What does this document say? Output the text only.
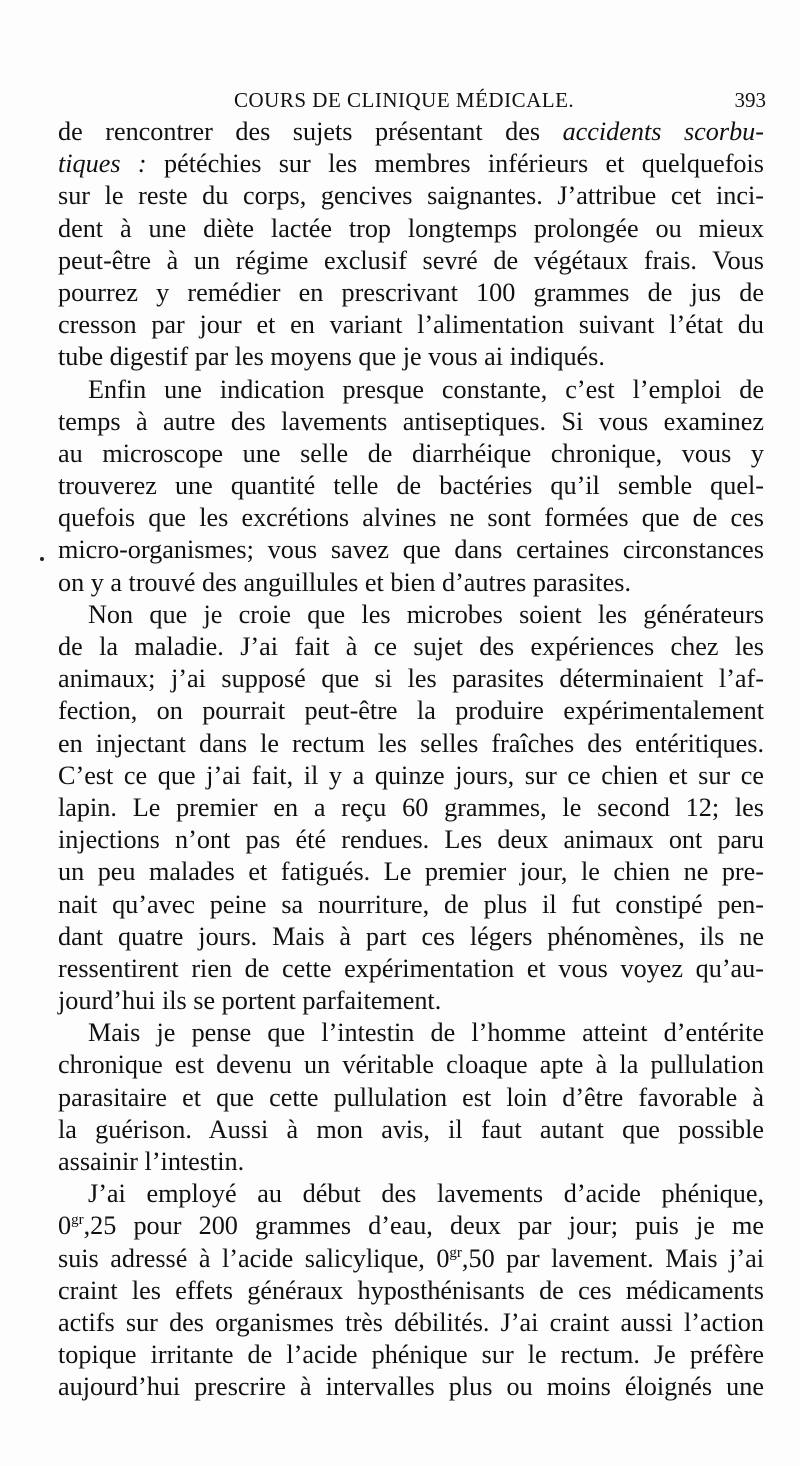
COURS DE CLINIQUE MÉDICALE.	393
de rencontrer des sujets présentant des accidents scorbu-
tiques : pétéchies sur les membres inférieurs et quelquefois
sur le reste du corps, gencives saignantes. J’attribue cet inci-
dent à une diète lactée trop longtemps prolongée ou mieux
peut-être à un régime exclusif sevré de végétaux frais. Vous
pourrez y remédier en prescrivant 100 grammes de jus de
cresson par jour et en variant l’alimentation suivant l’état du
tube digestif par les moyens que je vous ai indiqués.
Enfin une indication presque constante, c’est l’emploi de
temps à autre des lavements antiseptiques. Si vous examinez
au microscope une selle de diarrhéique chronique, vous y
trouverez une quantité telle de bactéries qu’il semble quel-
quefois que les excrétions alvines ne sont formées que de ces
micro-organismes; vous savez que dans certaines circonstances
on y a trouvé des anguillules et bien d’autres parasites.
Non que je croie que les microbes soient les générateurs
de la maladie. J’ai fait à ce sujet des expériences chez les
animaux; j’ai supposé que si les parasites déterminaient l’af-
fection, on pourrait peut-être la produire expérimentalement
en injectant dans le rectum les selles fraîches des entéritiques.
C’est ce que j’ai fait, il y a quinze jours, sur ce chien et sur ce
lapin. Le premier en a reçu 60 grammes, le second 12; les
injections n’ont pas été rendues. Les deux animaux ont paru
un peu malades et fatigués. Le premier jour, le chien ne pre-
nait qu’avec peine sa nourriture, de plus il fut constipé pen-
dant quatre jours. Mais à part ces légers phénomènes, ils ne
ressentirent rien de cette expérimentation et vous voyez qu’au-
jourd’hui ils se portent parfaitement.
Mais je pense que l’intestin de l’homme atteint d’entérite
chronique est devenu un véritable cloaque apte à la pullulation
parasitaire et que cette pullulation est loin d’être favorable à
la guérison. Aussi à mon avis, il faut autant que possible
assainir l’intestin.
J’ai employé au début des lavements d’acide phénique,
$0^{gr},25$ pour 200 grammes d’eau, deux par jour; puis je me
suis adressé à l’acide salicylique, $0^{gr},50$ par lavement. Mais j’ai
craint les effets généraux hyposthénisants de ces médicaments
actifs sur des organismes très débilités. J’ai craint aussi l’action
topique irritante de l’acide phénique sur le rectum. Je préfère
aujourd’hui prescrire à intervalles plus ou moins éloignés une
